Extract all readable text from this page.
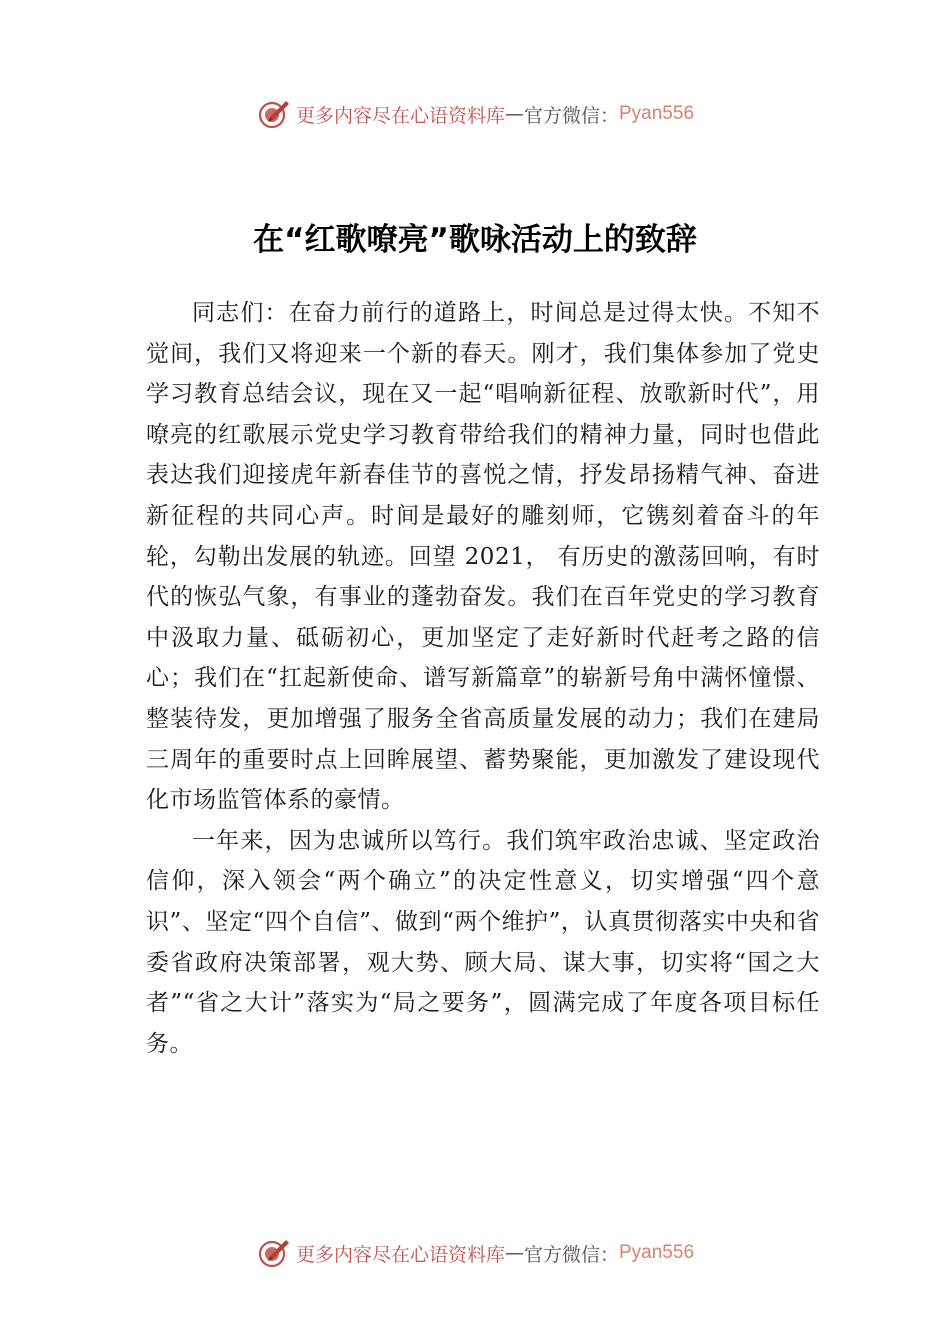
更多内容尽在心语资料库 — 官方微信： Pyan556
在“红歌嘹亮”歌咏活动上的致辞

同志们：在奋力前行的道路上，时间总是过得太快。不知不觉间，我们又将迎来一个新的春天。刚才，我们集体参加了党史学习教育总结会议，现在又一起“唱响新征程、放歌新时代”，用嘹亮的红歌展示党史学习教育带给我们的精神力量，同时也借此表达我们迎接虎年新春佳节的喜悦之情，抒发昂扬精气神、奋进新征程的共同心声。时间是最好的雕刻师，它镌刻着奋斗的年轮，勾勒出发展的轨迹。回望 2021， 有历史的激荡回响，有时代的恢弘气象，有事业的蓬勃奋发。我们在百年党史的学习教育中汲取力量、砥砺初心，更加坚定了走好新时代赶考之路的信心；我们在“扛起新使命、谱写新篇章”的崭新号角中满怀憧憬、整装待发，更加增强了服务全省高质量发展的动力；我们在建局三周年的重要时点上回眸展望、蓄势聚能，更加激发了建设现代化市场监管体系的豪情。

一年来，因为忠诚所以笃行。我们筑牢政治忠诚、坚定政治信仰，深入领会“两个确立”的决定性意义，切实增强“四个意识”、坚定“四个自信”、做到“两个维护”，认真贯彻落实中央和省委省政府决策部署，观大势、顾大局、谋大事，切实将“国之大者”“省之大计”落实为“局之要务”，圆满完成了年度各项目标任务。

更多内容尽在心语资料库 — 官方微信： Pyan556
